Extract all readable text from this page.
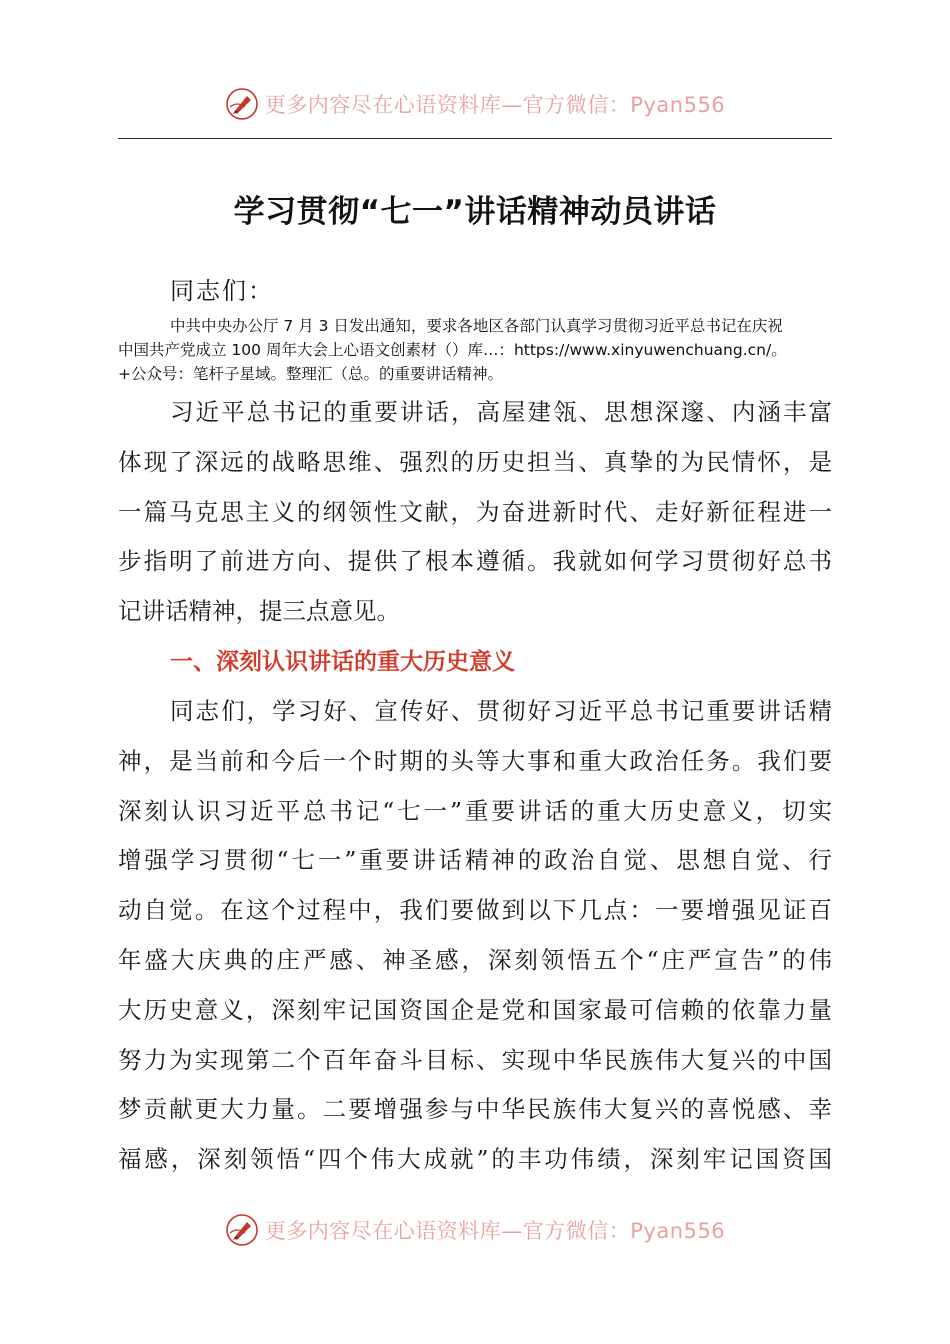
更多内容尽在心语资料库—官方微信：Pyan556
学习贯彻“七一”讲话精神动员讲话
同志们：
中共中央办公厅 7 月 3 日发出通知，要求各地区各部门认真学习贯彻习近平总书记在庆祝
中国共产党成立 100 周年大会上心语文创素材（）库…：https://www.xinyuwenchuang.cn/。
+公众号：笔杆子星域。整理汇（总。的重要讲话精神。
习近平总书记的重要讲话，高屋建瓴、思想深邃、内涵丰富
体现了深远的战略思维、强烈的历史担当、真挚的为民情怀，是
一篇马克思主义的纲领性文献，为奋进新时代、走好新征程进一
步指明了前进方向、提供了根本遵循。我就如何学习贯彻好总书
记讲话精神，提三点意见。
一、深刻认识讲话的重大历史意义
同志们，学习好、宣传好、贯彻好习近平总书记重要讲话精
神，是当前和今后一个时期的头等大事和重大政治任务。我们要
深刻认识习近平总书记“七一”重要讲话的重大历史意义，切实
增强学习贯彻“七一”重要讲话精神的政治自觉、思想自觉、行
动自觉。在这个过程中，我们要做到以下几点：一要增强见证百
年盛大庆典的庄严感、神圣感，深刻领悟五个“庄严宣告”的伟
大历史意义，深刻牢记国资国企是党和国家最可信赖的依靠力量
努力为实现第二个百年奋斗目标、实现中华民族伟大复兴的中国
梦贡献更大力量。二要增强参与中华民族伟大复兴的喜悦感、幸
福感，深刻领悟“四个伟大成就”的丰功伟绩，深刻牢记国资国
更多内容尽在心语资料库—官方微信：Pyan556
